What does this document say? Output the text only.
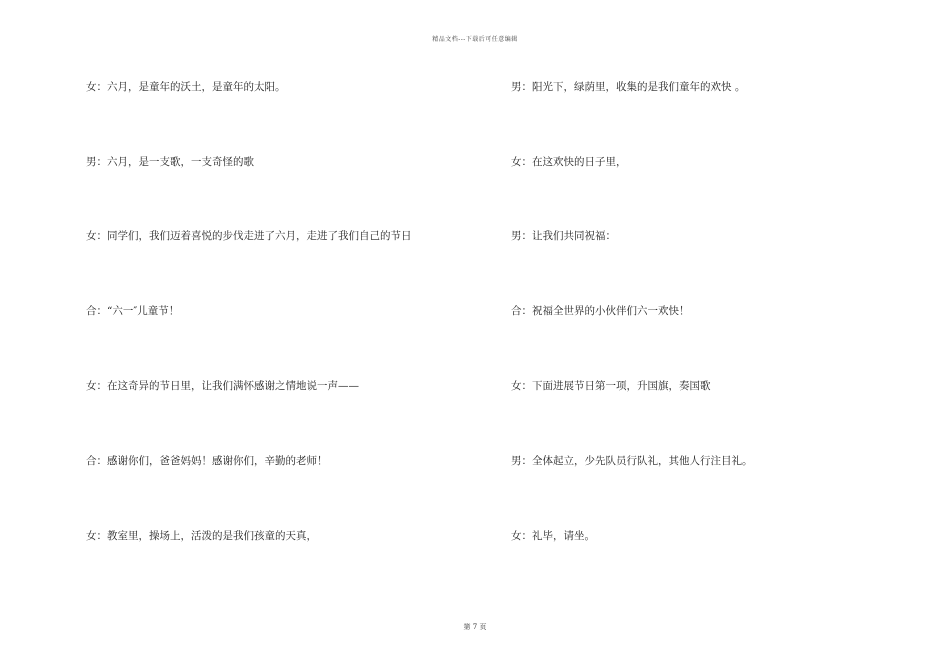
精品文档---下载后可任意编辑
女：六月，是童年的沃土，是童年的太阳。
男：六月，是一支歌，一支奇怪的歌
女：同学们，我们迈着喜悦的步伐走进了六月，走进了我们自己的节日
合：“六一″儿童节！
女：在这奇异的节日里，让我们满怀感谢之情地说一声——
合：感谢你们，爸爸妈妈！感谢你们，辛勤的老师！
女：教室里，操场上，活泼的是我们孩童的天真，
男：阳光下，绿荫里，收集的是我们童年的欢快 。
女：在这欢快的日子里，
男：让我们共同祝福：
合：祝福全世界的小伙伴们六一欢快！
女：下面进展节日第一项，升国旗，奏国歌
男：全体起立，少先队员行队礼，其他人行注目礼。
女：礼毕，请坐。
第 7 页
